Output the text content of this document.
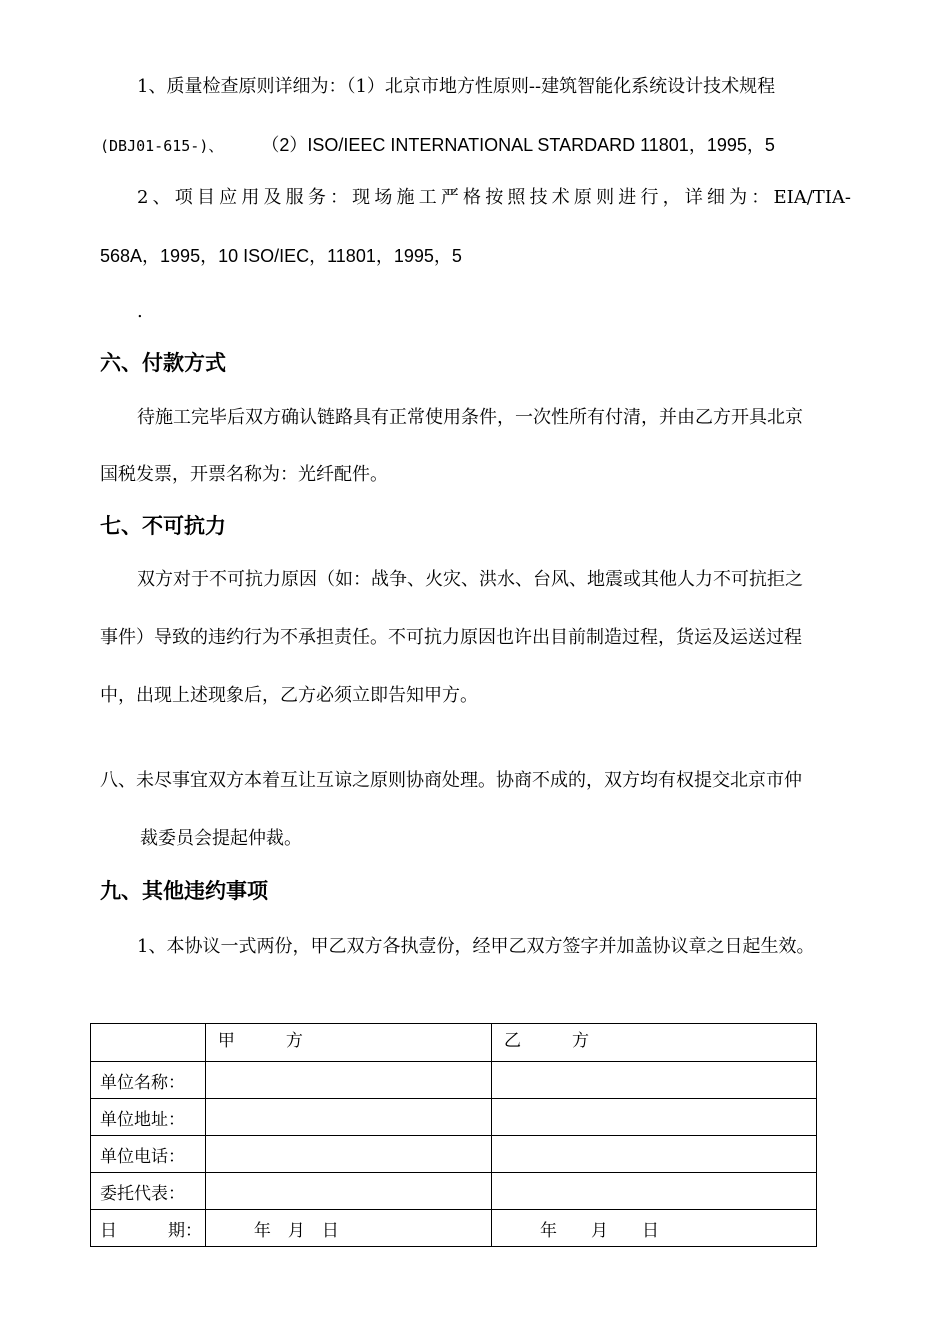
1、质量检查原则详细为：（1）北京市地方性原则--建筑智能化系统设计技术规程

(DBJ01-615-)、 （2）ISO/IEEC INTERNATIONAL STARDARD 11801，1995，5

2、项目应用及服务：现场施工严格按照技术原则进行，详细为：EIA/TIA-

568A，1995，10 ISO/IEC，11801，1995，5

.

六、付款方式

待施工完毕后双方确认链路具有正常使用条件，一次性所有付清，并由乙方开具北京

国税发票，开票名称为：光纤配件。

七、不可抗力

双方对于不可抗力原因（如：战争、火灾、洪水、台风、地震或其他人力不可抗拒之

事件）导致的违约行为不承担责任。不可抗力原因也许出目前制造过程，货运及运送过程

中，出现上述现象后，乙方必须立即告知甲方。

八、未尽事宜双方本着互让互谅之原则协商处理。协商不成的，双方均有权提交北京市仲

裁委员会提起仲裁。

九、其他违约事项

1、本协议一式两份，甲乙双方各执壹份，经甲乙双方签字并加盖协议章之日起生效。

	甲　　　方	乙　　　方
单位名称：		
单位地址：		
单位电话：		
委托代表：		
日　　　期：	年　月　日	年　　月　　日
